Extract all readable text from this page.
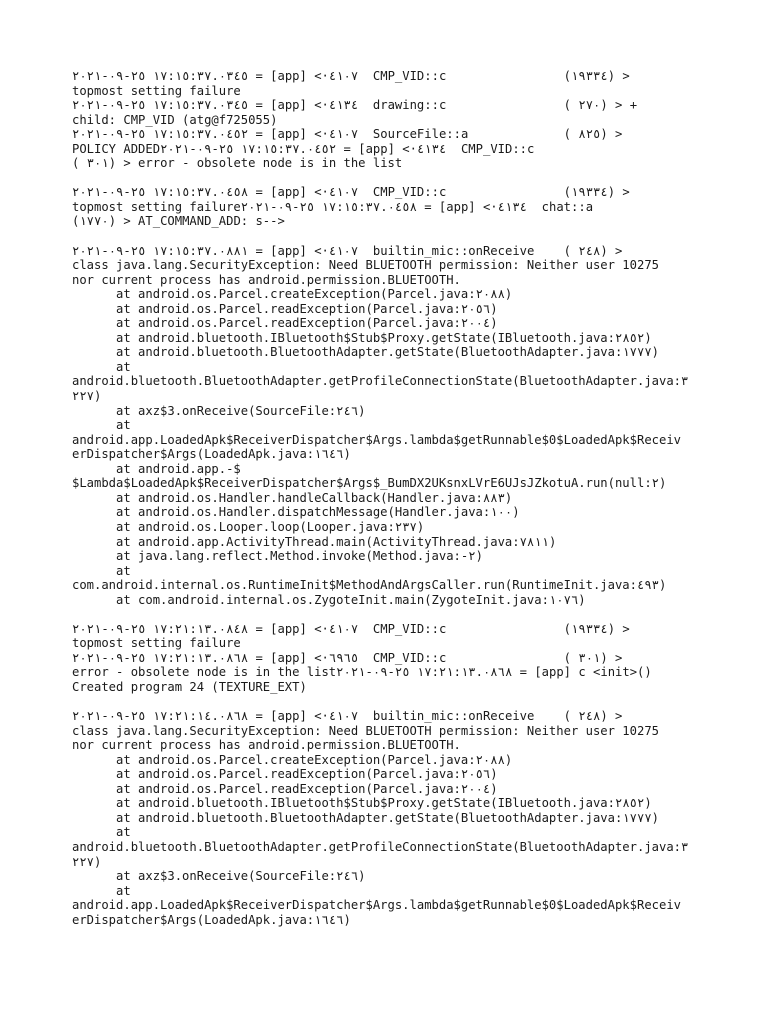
١٧:١٥:٣٧.٠٣٤٥ ٢٥-٠٩-٢٠٢١ = [app] <·٤١٠٧  CMP_VID::c                (١٩٣٣٤) >
topmost setting failure
١٧:١٥:٣٧.٠٣٤٥ ٢٥-٠٩-٢٠٢١ = [app] <·٤١٣٤  drawing::c                ( ٢٧٠) > +
child: CMP_VID (atg@f725055)
١٧:١٥:٣٧.٠٤٥٢ ٢٥-٠٩-٢٠٢١ = [app] <·٤١٠٧  SourceFile::a             ( ٨٢٥) >
POLICY ADDED١٧:١٥:٣٧.٠٤٥٢ ٢٥-٠٩-٢٠٢١ = [app] <·٤١٣٤  CMP_VID::c
( ٣٠١) > error - obsolete node is in the list
١٧:١٥:٣٧.٠٤٥٨ ٢٥-٠٩-٢٠٢١ = [app] <·٤١٠٧  CMP_VID::c                (١٩٣٣٤) >
topmost setting failure١٧:١٥:٣٧.٠٤٥٨ ٢٥-٠٩-٢٠٢١ = [app] <·٤١٣٤  chat::a
(١٧٧٠) > AT_COMMAND_ADD: s-->
١٧:١٥:٣٧.٠٨٨١ ٢٥-٠٩-٢٠٢١ = [app] <·٤١٠٧  builtin_mic::onReceive    ( ٢٤٨) >
class java.lang.SecurityException: Need BLUETOOTH permission: Neither user 10275
nor current process has android.permission.BLUETOOTH.
at android.os.Parcel.createException(Parcel.java:٢٠٨٨)
at android.os.Parcel.readException(Parcel.java:٢٠٥٦)
at android.os.Parcel.readException(Parcel.java:٢٠٠٤)
at android.bluetooth.IBluetooth$Stub$Proxy.getState(IBluetooth.java:٢٨٥٢)
at android.bluetooth.BluetoothAdapter.getState(BluetoothAdapter.java:١٧٧٧)
at
android.bluetooth.BluetoothAdapter.getProfileConnectionState(BluetoothAdapter.java:٣
٢٢٧)
at axz$3.onReceive(SourceFile:٢٤٦)
at
android.app.LoadedApk$ReceiverDispatcher$Args.lambda$getRunnable$0$LoadedApk$Receiv
erDispatcher$Args(LoadedApk.java:١٦٤٦)
at android.app.-$
$Lambda$LoadedApk$ReceiverDispatcher$Args$_BumDX2UKsnxLVrE6UJsJZkotuA.run(null:٢)
at android.os.Handler.handleCallback(Handler.java:٨٨٣)
at android.os.Handler.dispatchMessage(Handler.java:١٠٠)
at android.os.Looper.loop(Looper.java:٢٣٧)
at android.app.ActivityThread.main(ActivityThread.java:٧٨١١)
at java.lang.reflect.Method.invoke(Method.java:-٢)
at
com.android.internal.os.RuntimeInit$MethodAndArgsCaller.run(RuntimeInit.java:٤٩٣)
at com.android.internal.os.ZygoteInit.main(ZygoteInit.java:١٠٧٦)
١٧:٢١:١٣.٠٨٤٨ ٢٥-٠٩-٢٠٢١ = [app] <·٤١٠٧  CMP_VID::c                (١٩٣٣٤) >
topmost setting failure
١٧:٢١:١٣.٠٨٦٨ ٢٥-٠٩-٢٠٢١ = [app] <·٦٩٦٥  CMP_VID::c                ( ٣٠١) >
error - obsolete node is in the list١٧:٢١:١٣.٠٨٦٨ ٢٥-٠٩-٢٠٢١ = [app] c <init>()
Created program 24 (TEXTURE_EXT)
١٧:٢١:١٤.٠٨٦٨ ٢٥-٠٩-٢٠٢١ = [app] <·٤١٠٧  builtin_mic::onReceive    ( ٢٤٨) >
class java.lang.SecurityException: Need BLUETOOTH permission: Neither user 10275
nor current process has android.permission.BLUETOOTH.
at android.os.Parcel.createException(Parcel.java:٢٠٨٨)
at android.os.Parcel.readException(Parcel.java:٢٠٥٦)
at android.os.Parcel.readException(Parcel.java:٢٠٠٤)
at android.bluetooth.IBluetooth$Stub$Proxy.getState(IBluetooth.java:٢٨٥٢)
at android.bluetooth.BluetoothAdapter.getState(BluetoothAdapter.java:١٧٧٧)
at
android.bluetooth.BluetoothAdapter.getProfileConnectionState(BluetoothAdapter.java:٣
٢٢٧)
at axz$3.onReceive(SourceFile:٢٤٦)
at
android.app.LoadedApk$ReceiverDispatcher$Args.lambda$getRunnable$0$LoadedApk$Receiv
erDispatcher$Args(LoadedApk.java:١٦٤٦)
